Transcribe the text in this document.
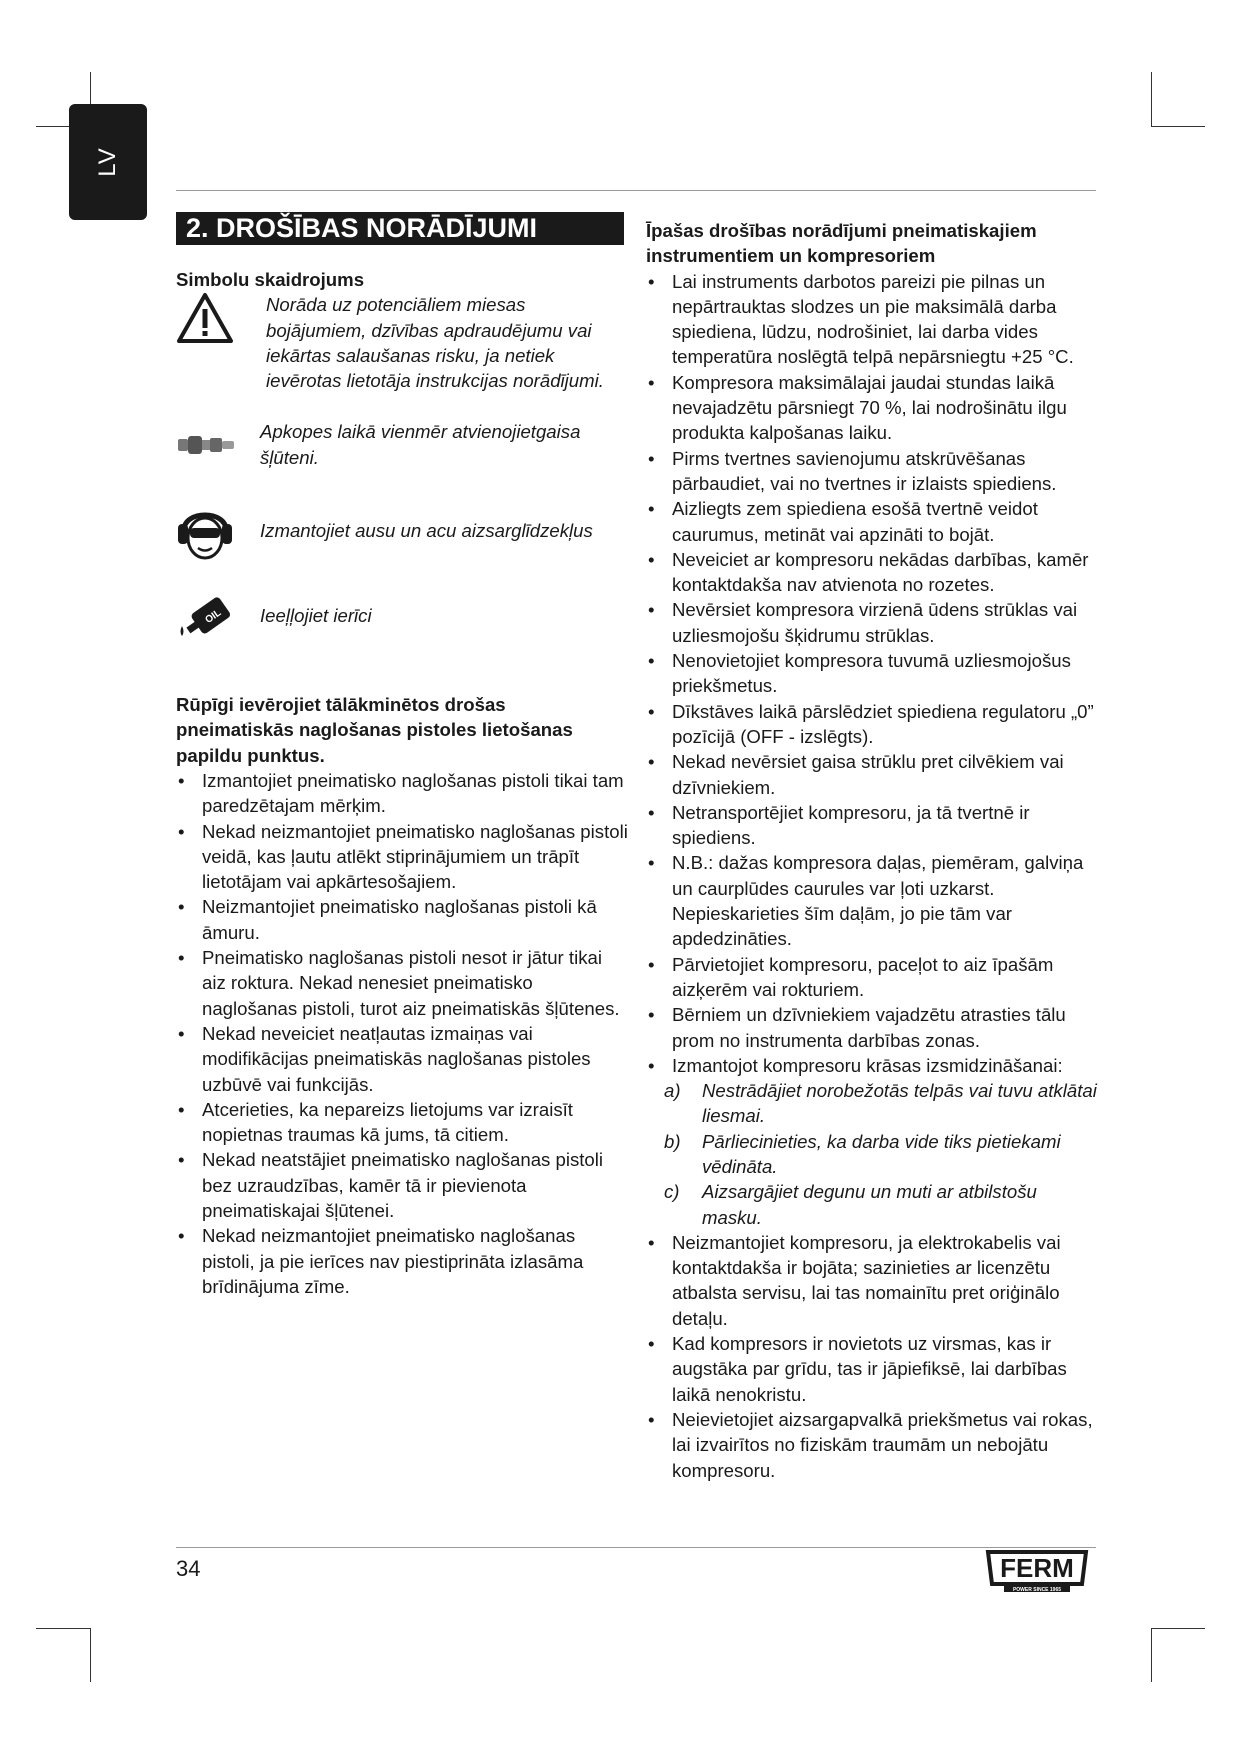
LV
2. DROŠĪBAS NORĀDĪJUMI

Simbolu skaidrojums

Norāda uz potenciāliem miesas bojājumiem, dzīvības apdraudējumu vai iekārtas salaušanas risku, ja netiek ievērotas lietotāja instrukcijas norādījumi.
Apkopes laikā vienmēr atvienojietgaisa šļūteni.
Izmantojiet ausu un acu aizsarglīdzekļus
OIL Ieeļļojiet ierīci

Rūpīgi ievērojiet tālākminētos drošas pneimatiskās naglošanas pistoles lietošanas papildu punktus.

• Izmantojiet pneimatisko naglošanas pistoli tikai tam paredzētajam mērķim.
• Nekad neizmantojiet pneimatisko naglošanas pistoli veidā, kas ļautu atlēkt stiprinājumiem un trāpīt lietotājam vai apkārtesošajiem.
• Neizmantojiet pneimatisko naglošanas pistoli kā āmuru.
• Pneimatisko naglošanas pistoli nesot ir jātur tikai aiz roktura. Nekad nenesiet pneimatisko naglošanas pistoli, turot aiz pneimatiskās šļūtenes.
• Nekad neveiciet neatļautas izmaiņas vai modifikācijas pneimatiskās naglošanas pistoles uzbūvē vai funkcijās.
• Atcerieties, ka nepareizs lietojums var izraisīt nopietnas traumas kā jums, tā citiem.
• Nekad neatstājiet pneimatisko naglošanas pistoli bez uzraudzības, kamēr tā ir pievienota pneimatiskajai šļūtenei.
• Nekad neizmantojiet pneimatisko naglošanas pistoli, ja pie ierīces nav piestiprināta izlasāma brīdinājuma zīme.

Īpašas drošības norādījumi pneimatiskajiem instrumentiem un kompresoriem

• Lai instruments darbotos pareizi pie pilnas un nepārtrauktas slodzes un pie maksimālā darba spiediena, lūdzu, nodrošiniet, lai darba vides temperatūra noslēgtā telpā nepārsniegtu +25 °C.
• Kompresora maksimālajai jaudai stundas laikā nevajadzētu pārsniegt 70 %, lai nodrošinātu ilgu produkta kalpošanas laiku.
• Pirms tvertnes savienojumu atskrūvēšanas pārbaudiet, vai no tvertnes ir izlaists spiediens.
• Aizliegts zem spiediena esošā tvertnē veidot caurumus, metināt vai apzināti to bojāt.
• Neveiciet ar kompresoru nekādas darbības, kamēr kontaktdakša nav atvienota no rozetes.
• Nevērsiet kompresora virzienā ūdens strūklas vai uzliesmojošu šķidrumu strūklas.
• Nenovietojiet kompresora tuvumā uzliesmojošus priekšmetus.
• Dīkstāves laikā pārslēdziet spiediena regulatoru „0” pozīcijā (OFF - izslēgts).
• Nekad nevērsiet gaisa strūklu pret cilvēkiem vai dzīvniekiem.
• Netransportējiet kompresoru, ja tā tvertnē ir spiediens.
• N.B.: dažas kompresora daļas, piemēram, galviņa un caurplūdes caurules var ļoti uzkarst. Nepieskarieties šīm daļām, jo pie tām var apdedzināties.
• Pārvietojiet kompresoru, paceļot to aiz īpašām aizķerēm vai rokturiem.
• Bērniem un dzīvniekiem vajadzētu atrasties tālu prom no instrumenta darbības zonas.
• Izmantojot kompresoru krāsas izsmidzināšanai:
a) Nestrādājiet norobežotās telpās vai tuvu atklātai liesmai.
b) Pārliecinieties, ka darba vide tiks pietiekami vēdināta.
c) Aizsargājiet degunu un muti ar atbilstošu masku.
• Neizmantojiet kompresoru, ja elektrokabelis vai kontaktdakša ir bojāta; sazinieties ar licenzētu atbalsta servisu, lai tas nomainītu pret oriģinālo detaļu.
• Kad kompresors ir novietots uz virsmas, kas ir augstāka par grīdu, tas ir jāpiefiksē, lai darbības laikā nenokristu.
• Neievietojiet aizsargapvalkā priekšmetus vai rokas, lai izvairītos no fiziskām traumām un nebojātu kompresoru.
34	FERM
POWER SINCE 1965
